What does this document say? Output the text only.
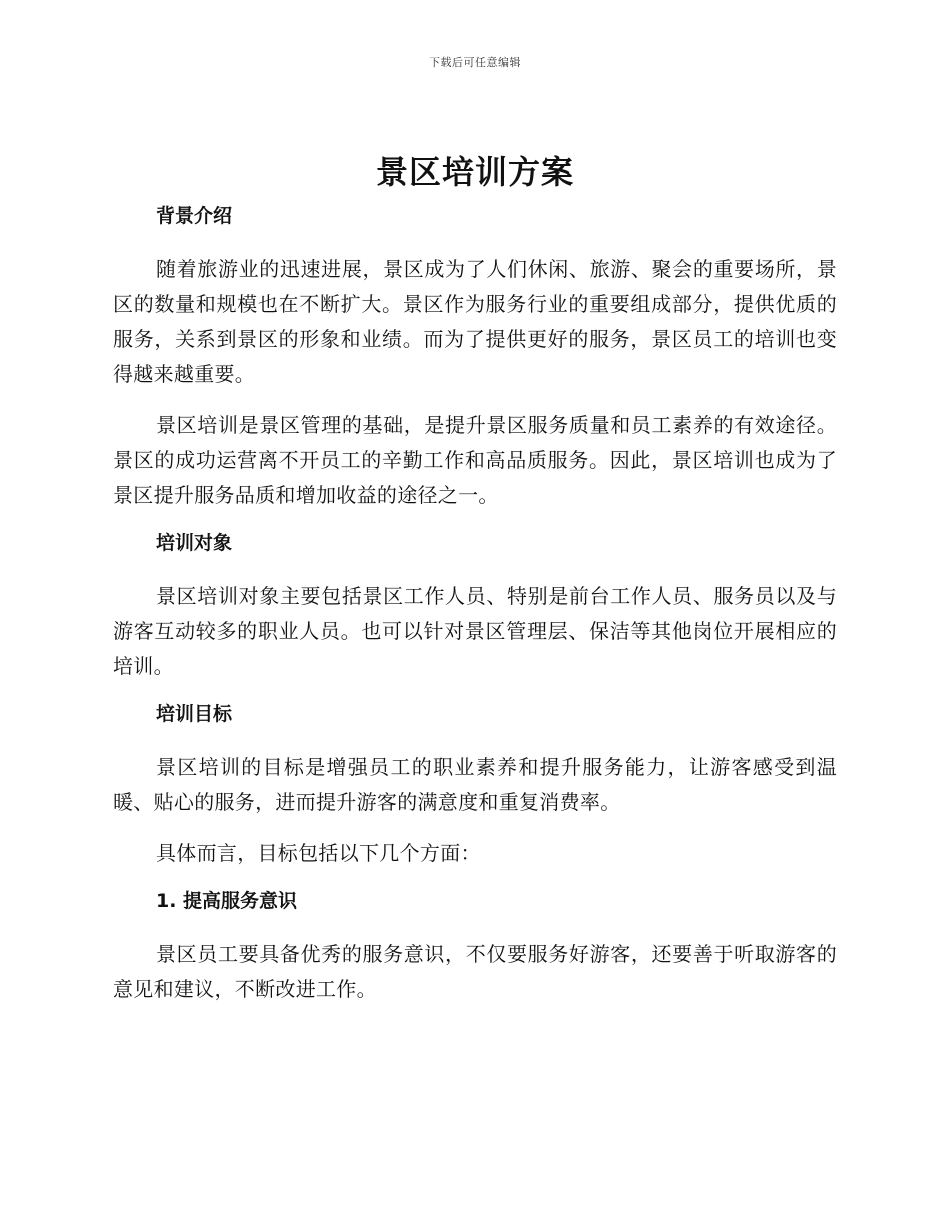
下载后可任意编辑
景区培训方案
背景介绍

随着旅游业的迅速进展，景区成为了人们休闲、旅游、聚会的重要场所，景区的数量和规模也在不断扩大。景区作为服务行业的重要组成部分，提供优质的服务，关系到景区的形象和业绩。而为了提供更好的服务，景区员工的培训也变得越来越重要。

景区培训是景区管理的基础，是提升景区服务质量和员工素养的有效途径。景区的成功运营离不开员工的辛勤工作和高品质服务。因此，景区培训也成为了景区提升服务品质和增加收益的途径之一。

培训对象

景区培训对象主要包括景区工作人员、特别是前台工作人员、服务员以及与游客互动较多的职业人员。也可以针对景区管理层、保洁等其他岗位开展相应的培训。

培训目标

景区培训的目标是增强员工的职业素养和提升服务能力，让游客感受到温暖、贴心的服务，进而提升游客的满意度和重复消费率。

具体而言，目标包括以下几个方面：

1. 提高服务意识

景区员工要具备优秀的服务意识，不仅要服务好游客，还要善于听取游客的意见和建议，不断改进工作。
